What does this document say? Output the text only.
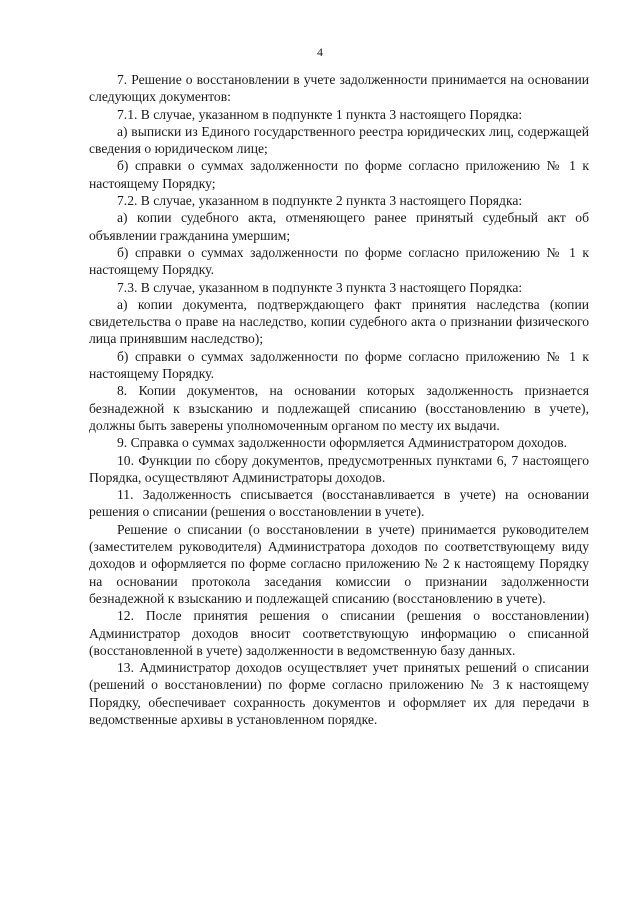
4

7. Решение о восстановлении в учете задолженности принимается на основании следующих документов:

7.1. В случае, указанном в подпункте 1 пункта 3 настоящего Порядка:

а) выписки из Единого государственного реестра юридических лиц, содержащей сведения о юридическом лице;

б) справки о суммах задолженности по форме согласно приложению № 1 к настоящему Порядку;

7.2. В случае, указанном в подпункте 2 пункта 3 настоящего Порядка:

а) копии судебного акта, отменяющего ранее принятый судебный акт об объявлении гражданина умершим;

б) справки о суммах задолженности по форме согласно приложению № 1 к настоящему Порядку.

7.3. В случае, указанном в подпункте 3 пункта 3 настоящего Порядка:

а) копии документа, подтверждающего факт принятия наследства (копии свидетельства о праве на наследство, копии судебного акта о признании физического лица принявшим наследство);

б) справки о суммах задолженности по форме согласно приложению № 1 к настоящему Порядку.

8. Копии документов, на основании которых задолженность признается безнадежной к взысканию и подлежащей списанию (восстановлению в учете), должны быть заверены уполномоченным органом по месту их выдачи.

9. Справка о суммах задолженности оформляется Администратором доходов.

10. Функции по сбору документов, предусмотренных пунктами 6, 7 настоящего Порядка, осуществляют Администраторы доходов.

11. Задолженность списывается (восстанавливается в учете) на основании решения о списании (решения о восстановлении в учете).

Решение о списании (о восстановлении в учете) принимается руководителем (заместителем руководителя) Администратора доходов по соответствующему виду доходов и оформляется по форме согласно приложению № 2 к настоящему Порядку на основании протокола заседания комиссии о признании задолженности безнадежной к взысканию и подлежащей списанию (восстановлению в учете).

12. После принятия решения о списании (решения о восстановлении) Администратор доходов вносит соответствующую информацию о списанной (восстановленной в учете) задолженности в ведомственную базу данных.

13. Администратор доходов осуществляет учет принятых решений о списании (решений о восстановлении) по форме согласно приложению № 3 к настоящему Порядку, обеспечивает сохранность документов и оформляет их для передачи в ведомственные архивы в установленном порядке.
